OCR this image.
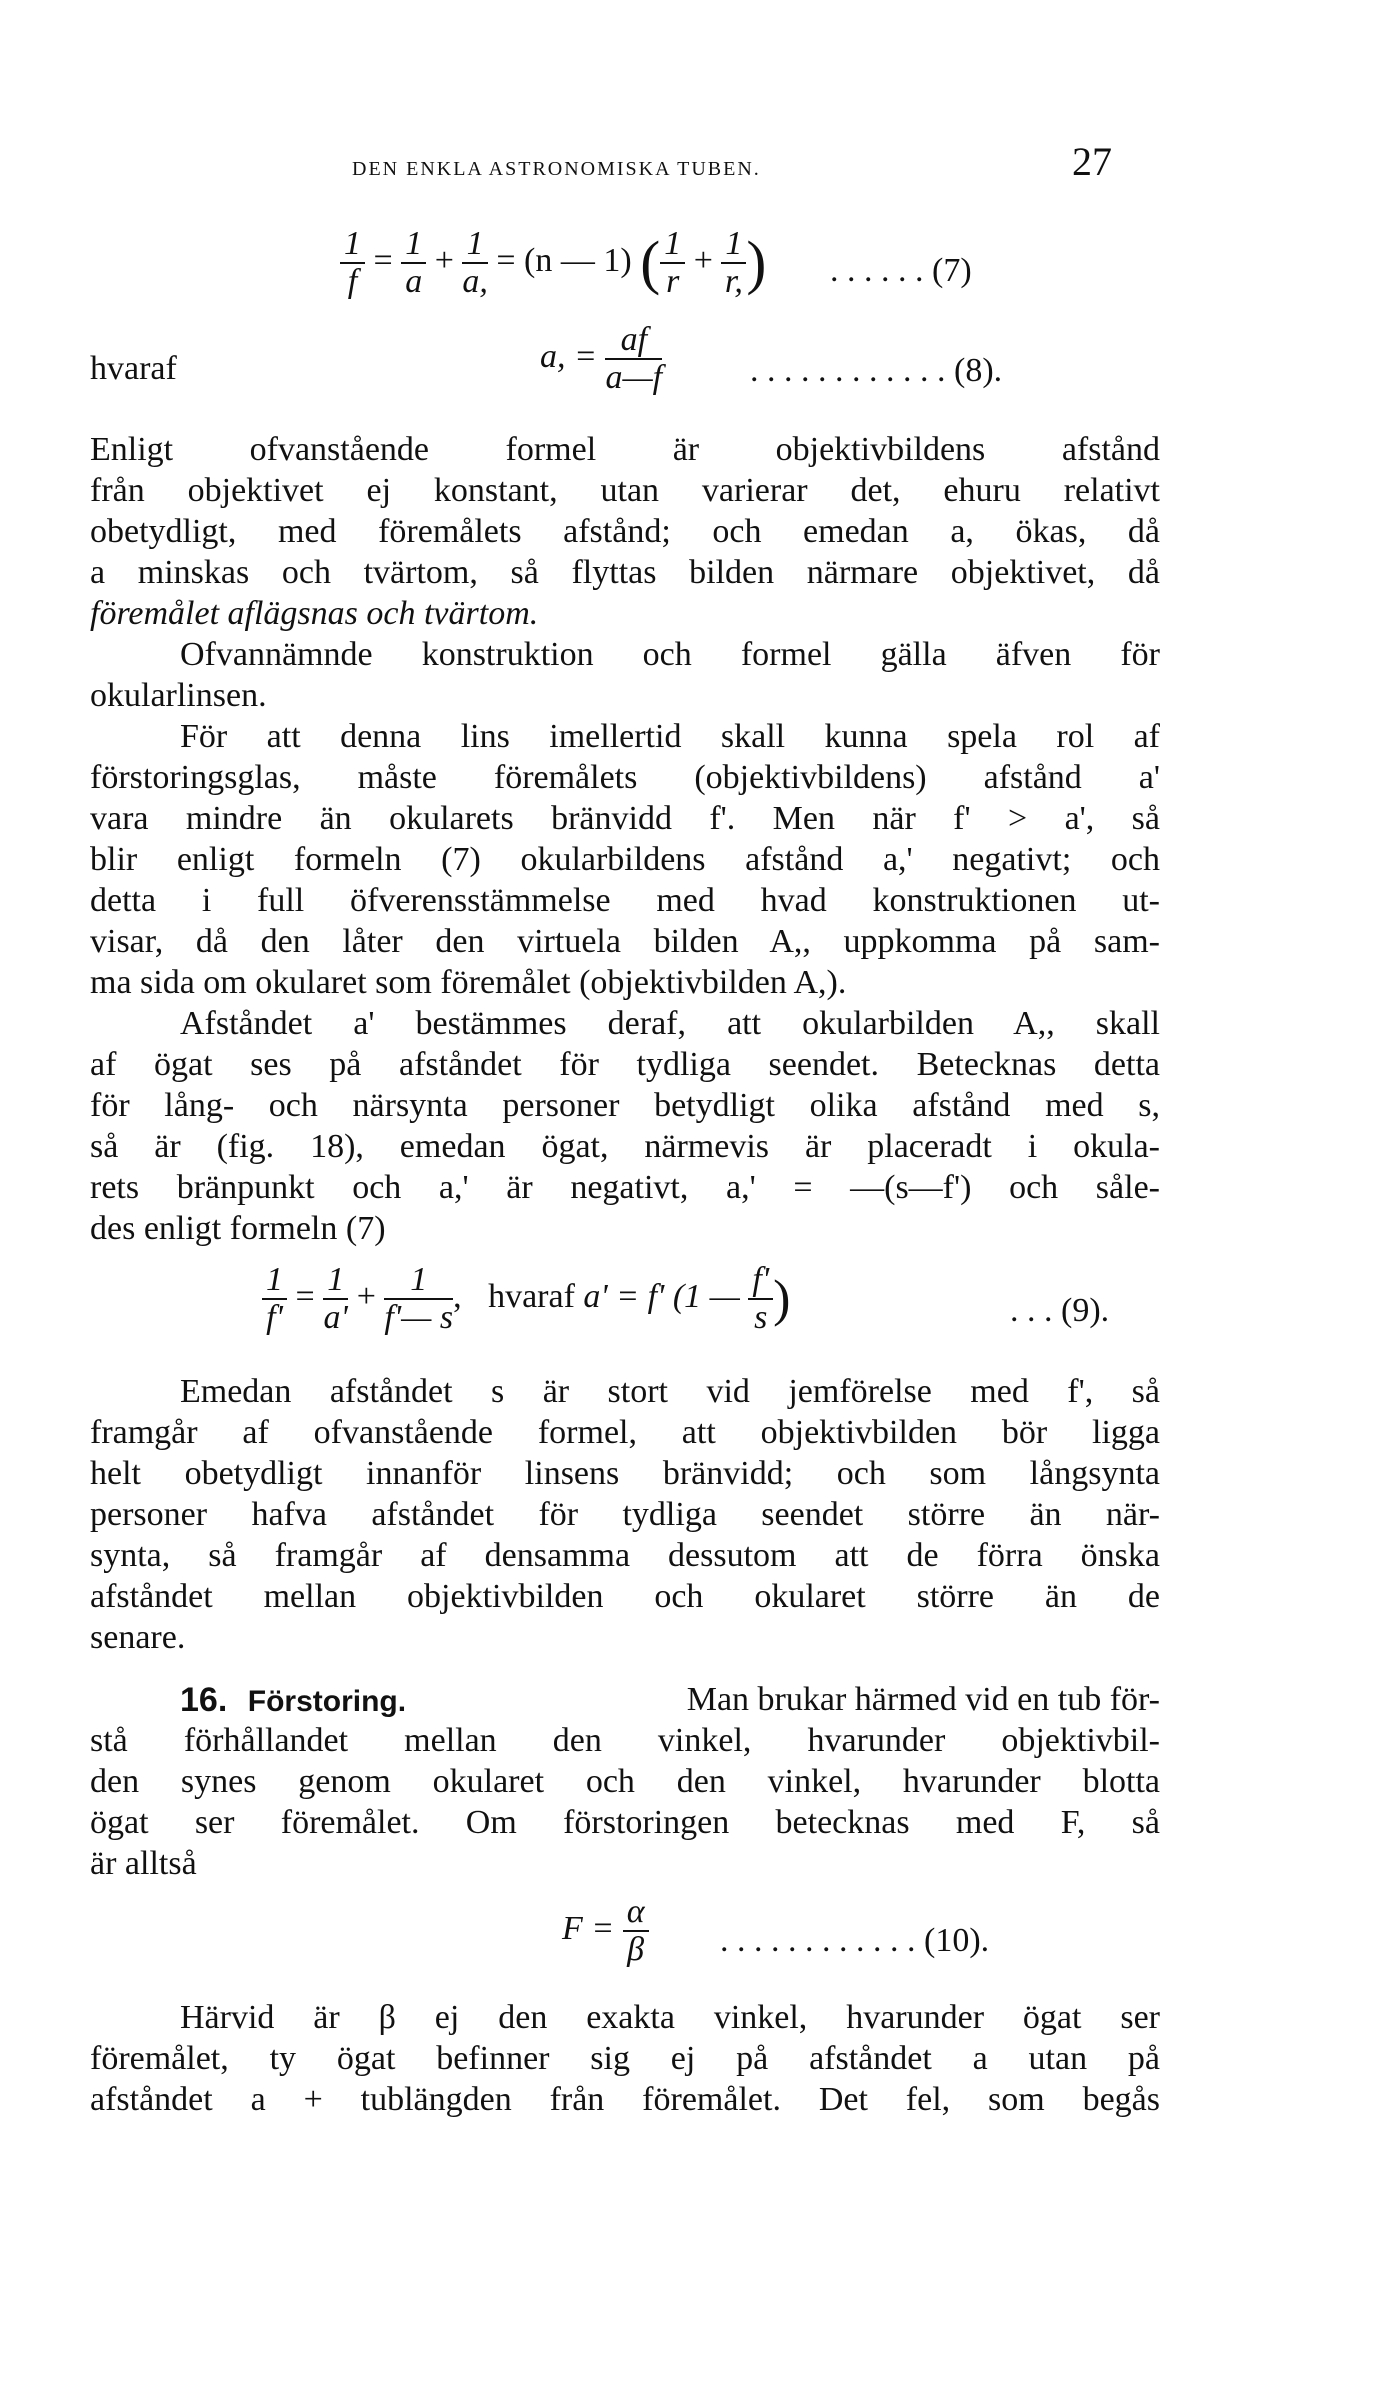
DEN ENKLA ASTRONOMISKA TUBEN.	27
$\frac{1}{f} = \frac{1}{a} + \frac{1}{a,} = (n$ — 1) ( $\frac{1}{r} + \frac{1}{r,}$ ) . . . . . . (7)
hvaraf	a, = $\frac{af}{a—f}$	. . . . . . . . . . . . (8).
Enligt ofvanstående formel är objektivbildens afstånd
från objektivet ej konstant, utan varierar det, ehuru relativt
obetydligt, med föremålets afstånd; och emedan a, ökas, då
a minskas och tvärtom, så flyttas bilden närmare objektivet, då
föremålet aflägsnas och tvärtom.
Ofvannämnde konstruktion och formel gälla äfven för
okularlinsen.
För att denna lins imellertid skall kunna spela rol af
förstoringsglas, måste föremålets (objektivbildens) afstånd a'
vara mindre än okularets bränvidd f'. Men när f' > a', så
blir enligt formeln (7) okularbildens afstånd a,' negativt; och
detta i full öfverensstämmelse med hvad konstruktionen ut-
visar, då den låter den virtuela bilden A,, uppkomma på sam-
ma sida om okularet som föremålet (objektivbilden A,).
Afståndet a' bestämmes deraf, att okularbilden A,, skall
af ögat ses på afståndet för tydliga seendet. Betecknas detta
för lång- och närsynta personer betydligt olika afstånd med s,
så är (fig. 18), emedan ögat, närmevis är placeradt i okula-
rets bränpunkt och a,' är negativt, a,' = —(s—f') och såle-
des enligt formeln (7)
$\frac{1}{f'} = \frac{1}{a'} + \frac{1}{f'— s}$ , hvaraf a' = f' (1 — $\frac{f'}{s}$ )	. . . (9).
Emedan afståndet s är stort vid jemförelse med f', så
framgår af ofvanstående formel, att objektivbilden bör ligga
helt obetydligt innanför linsens bränvidd; och som långsynta
personer hafva afståndet för tydliga seendet större än när-
synta, så framgår af densamma dessutom att de förra önska
afståndet mellan objektivbilden och okularet större än de
senare.
16. Förstoring.	Man brukar härmed vid en tub för-
stå förhållandet mellan den vinkel, hvarunder objektivbil-
den synes genom okularet och den vinkel, hvarunder blotta
ögat ser föremålet. Om förstoringen betecknas med F, så
är alltså
$F = \frac{\alpha}{\beta}$ . . . . . . . . . . . . (10).
Härvid är β ej den exakta vinkel, hvarunder ögat ser
föremålet, ty ögat befinner sig ej på afståndet a utan på
afståndet a + tublängden från föremålet. Det fel, som begås
